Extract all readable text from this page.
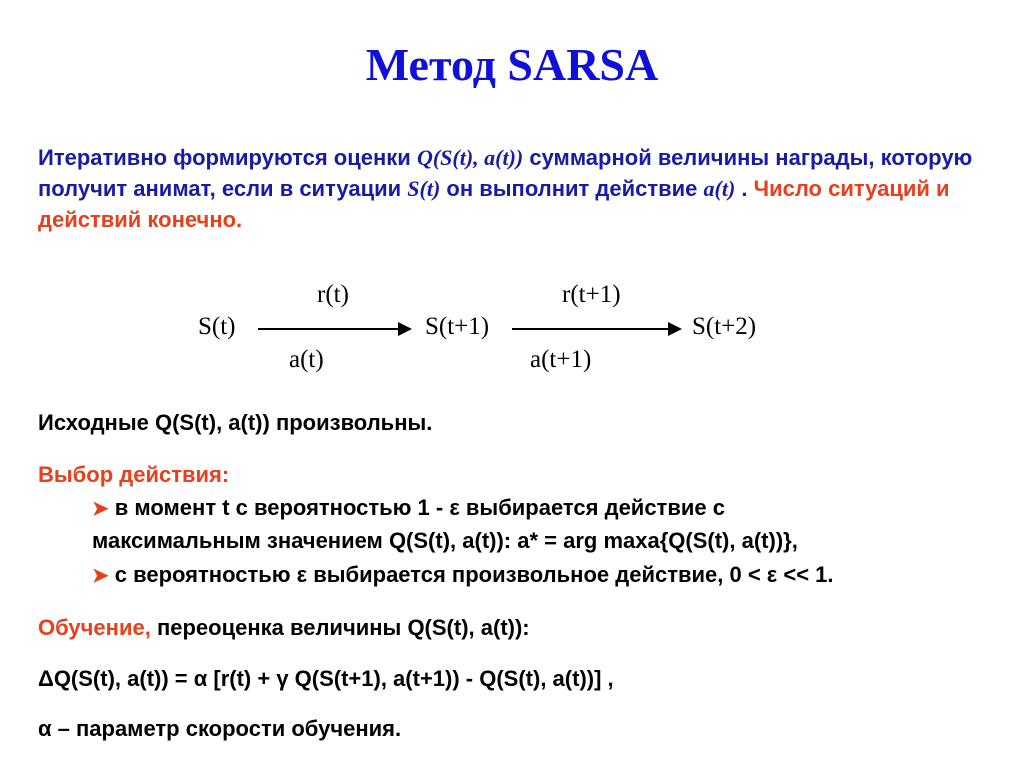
Метод SARSA
Итеративно формируются оценки Q(S(t), a(t)) суммарной величины награды, которую получит анимат, если в ситуации S(t) он выполнит действие a(t) . Число ситуаций и действий конечно.
r(t)	r(t+1)
S(t)	S(t+1)	S(t+2)
a(t)	a(t+1)
Исходные Q(S(t), a(t)) произвольны.
Выбор действия:
➤ в момент t с вероятностью 1 - ε выбирается действие с
максимальным значением Q(S(t), a(t)): a* = arg maxa{Q(S(t), a(t))},
➤ с вероятностью ε выбирается произвольное действие, 0 < ε << 1.
Обучение, переоценка величины Q(S(t), a(t)):
ΔQ(S(t), a(t)) = α [r(t) + γ Q(S(t+1), a(t+1)) - Q(S(t), a(t))] ,
α – параметр скорости обучения.
